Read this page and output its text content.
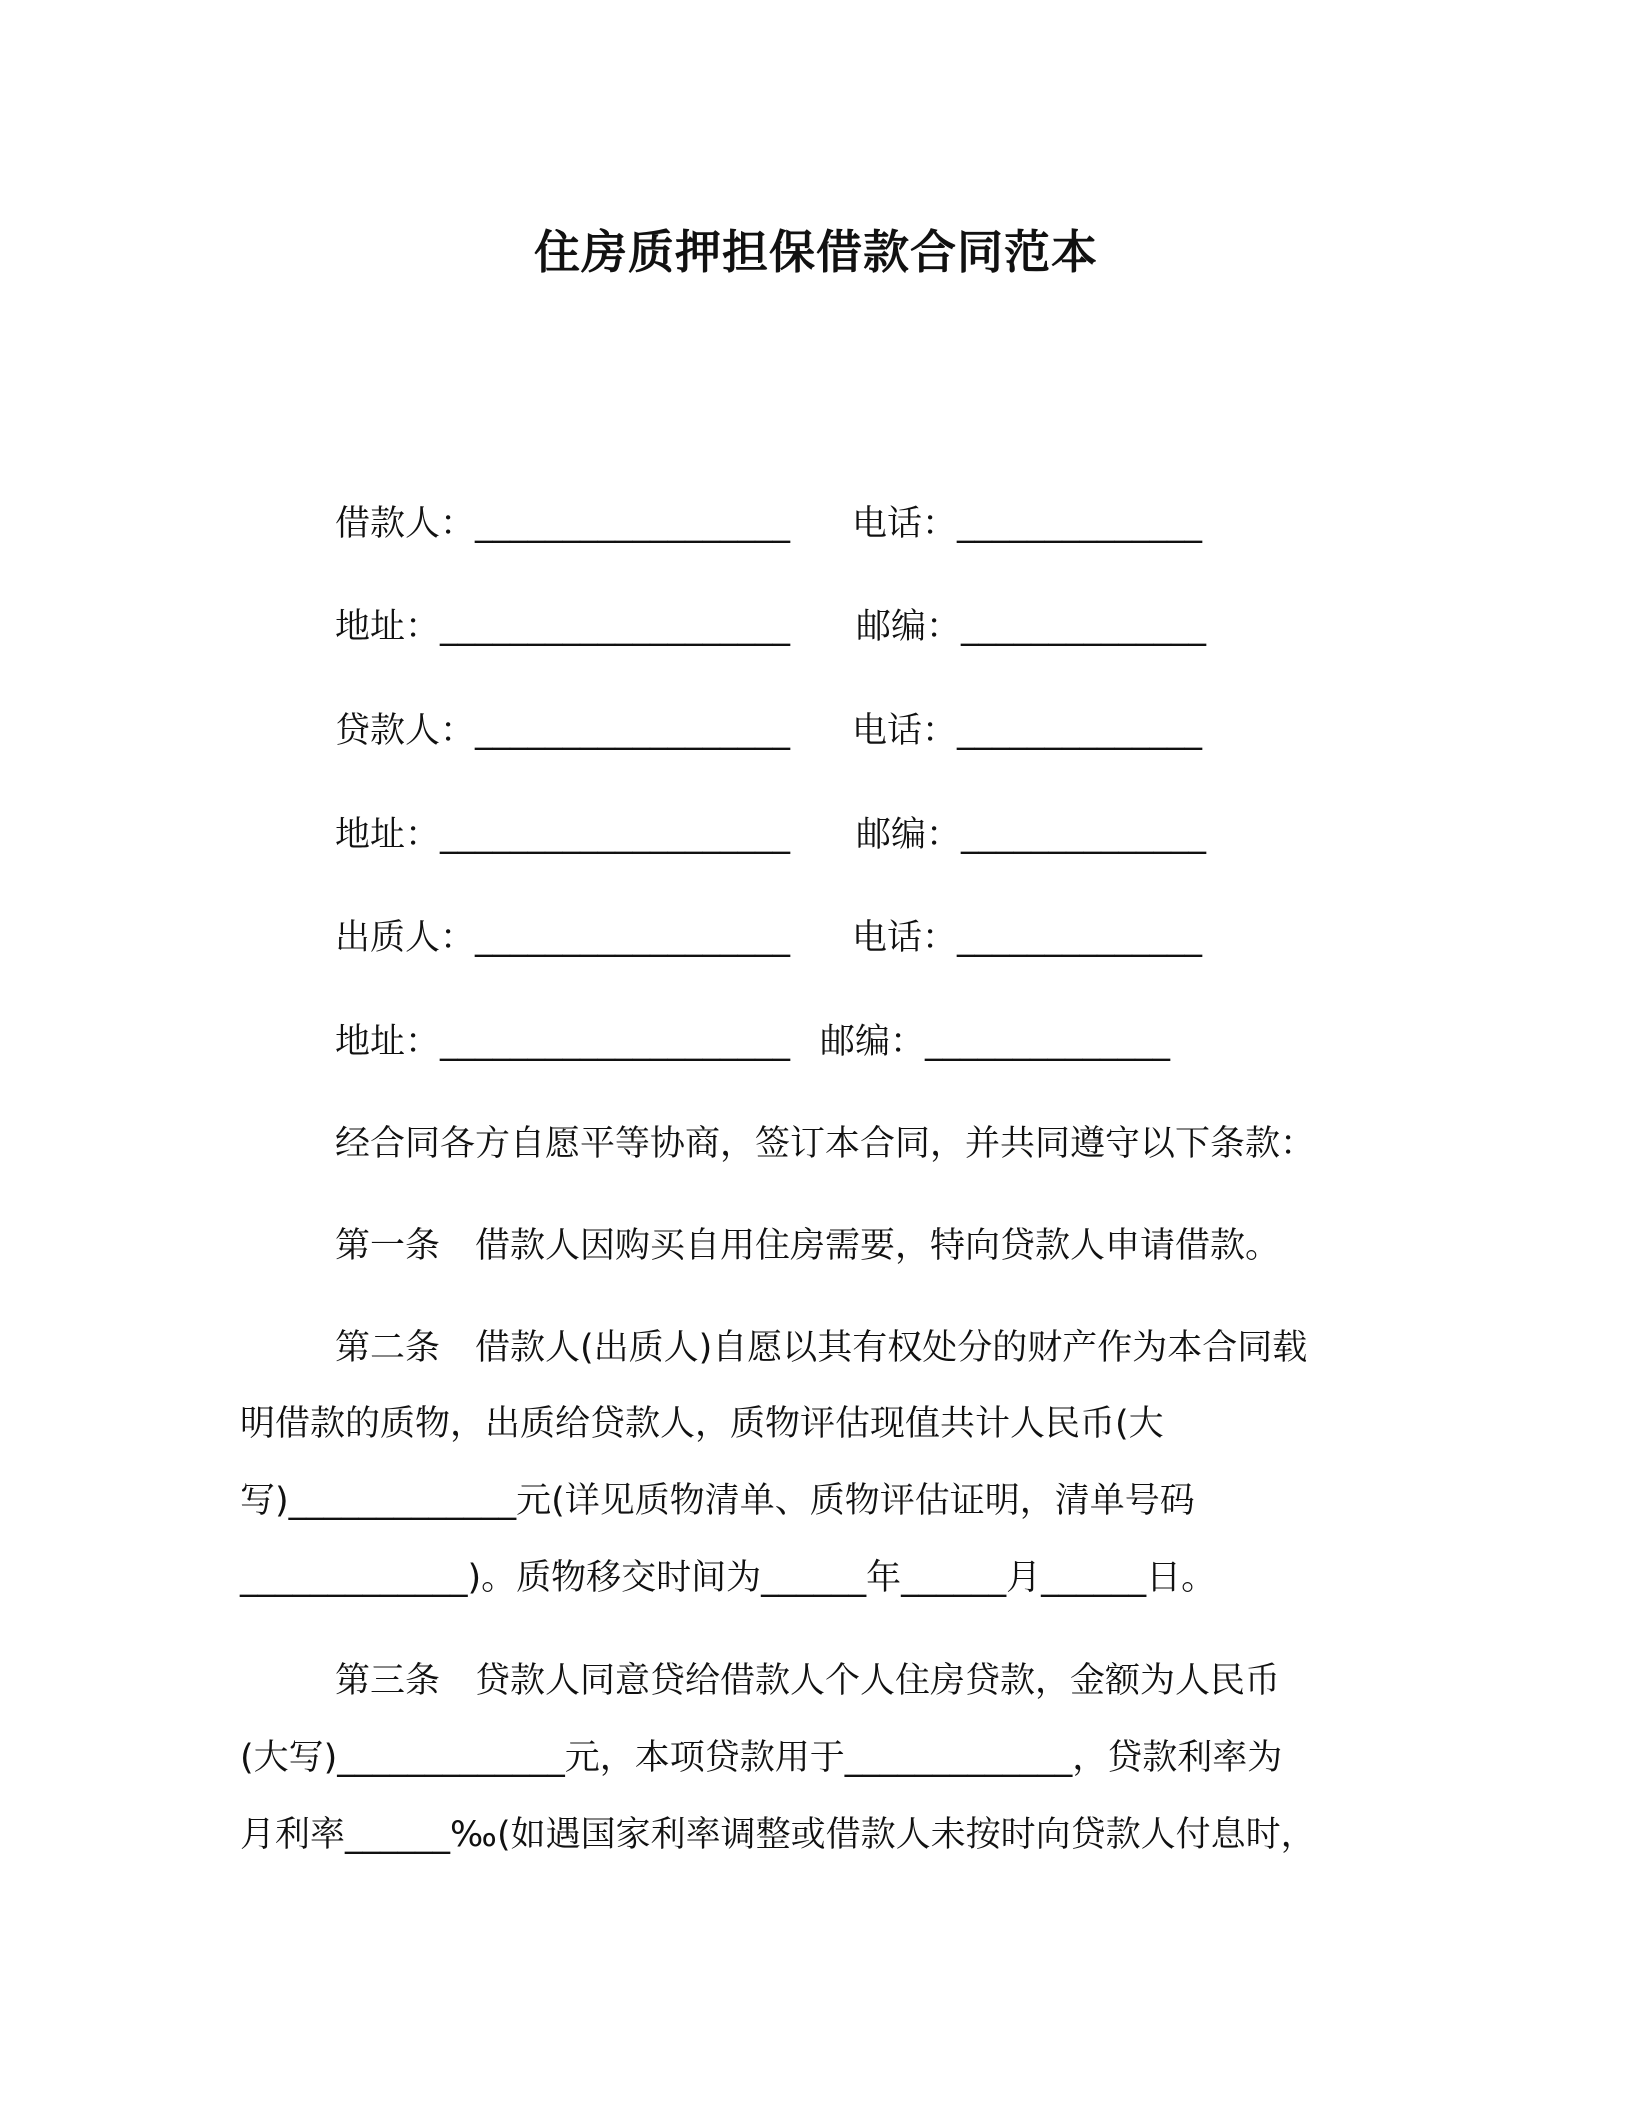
住房质押担保借款合同范本
借款人：__________________ 电话：______________
地址：____________________ 邮编：______________
贷款人：__________________ 电话：______________
地址：____________________ 邮编：______________
出质人：__________________ 电话：______________
地址：____________________ 邮编：______________
经合同各方自愿平等协商，签订本合同，并共同遵守以下条款：
第一条　借款人因购买自用住房需要，特向贷款人申请借款。
第二条　借款人(出质人)自愿以其有权处分的财产作为本合同载
明借款的质物，出质给贷款人，质物评估现值共计人民币(大
写)_____________元(详见质物清单、质物评估证明，清单号码
_____________)。质物移交时间为______年______月______日。
第三条　贷款人同意贷给借款人个人住房贷款，金额为人民币
(大写)_____________元，本项贷款用于_____________，贷款利率为
月利率______‰(如遇国家利率调整或借款人未按时向贷款人付息时，
